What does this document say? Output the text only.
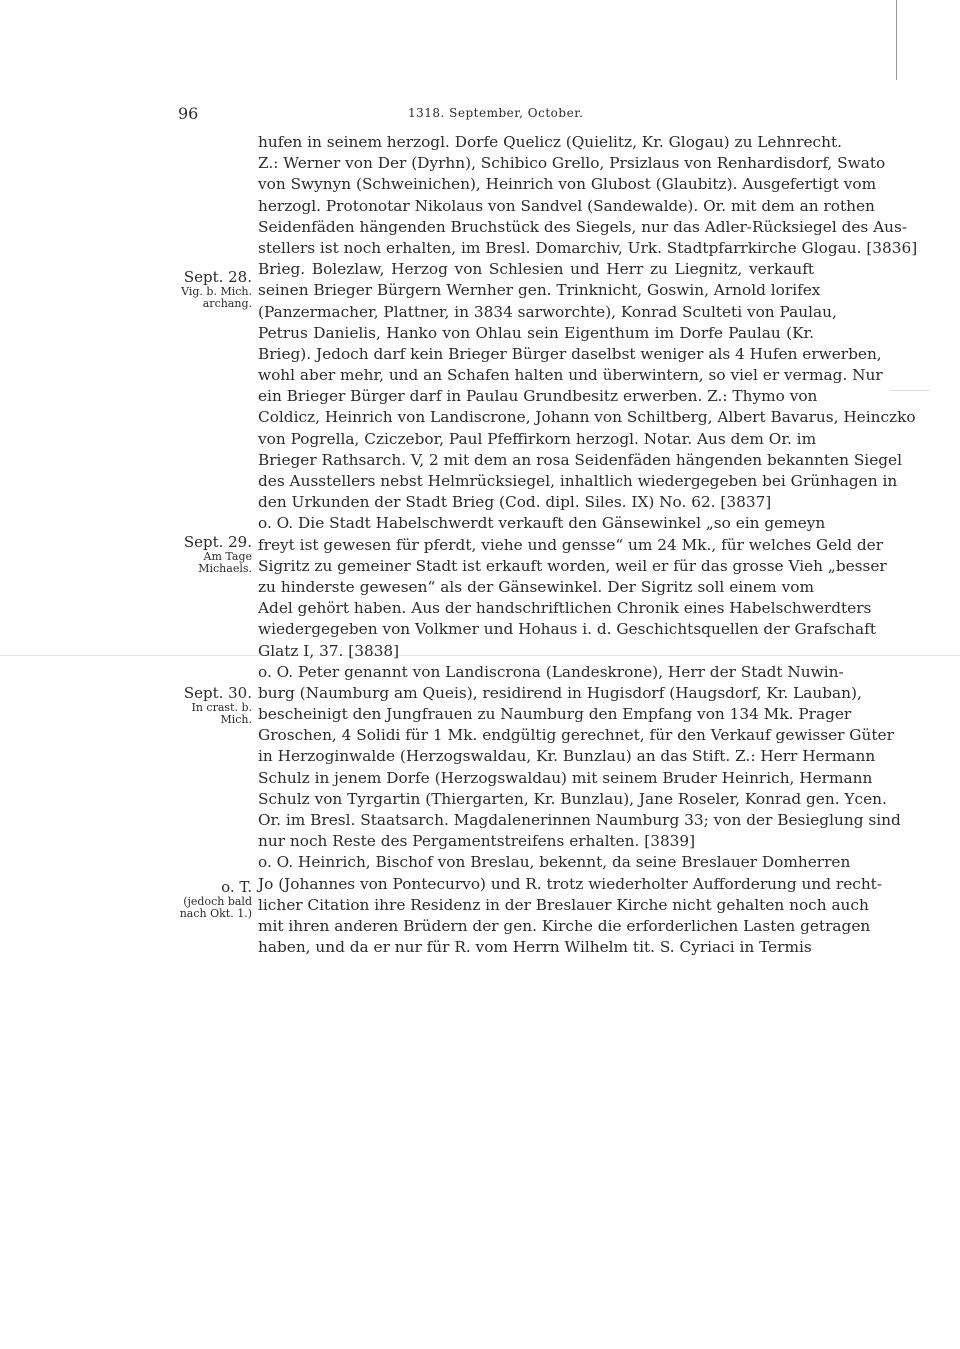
96	1318. September, October.
hufen in seinem herzogl. Dorfe Quelicz (Quielitz, Kr. Glogau) zu Lehnrecht.
Z.: Werner von Der (Dyrhn), Schibico Grello, Prsizlaus von Renhardisdorf, Swato
von Swynyn (Schweinichen), Heinrich von Glubost (Glaubitz). Ausgefertigt vom
herzogl. Protonotar Nikolaus von Sandvel (Sandewalde). Or. mit dem an rothen
Seidenfäden hängenden Bruchstück des Siegels, nur das Adler-Rücksiegel des Aus-
stellers ist noch erhalten, im Bresl. Domarchiv, Urk. Stadtpfarrkirche Glogau. [3836]
Brieg. Bolezlaw, Herzog von Schlesien und Herr zu Liegnitz, verkauft
seinen Brieger Bürgern Wernher gen. Trinknicht, Goswin, Arnold lorifex
(Panzermacher, Plattner, in 3834 sarworchte), Konrad Sculteti von Paulau,
Petrus Danielis, Hanko von Ohlau sein Eigenthum im Dorfe Paulau (Kr.
Brieg). Jedoch darf kein Brieger Bürger daselbst weniger als 4 Hufen erwerben,
wohl aber mehr, und an Schafen halten und überwintern, so viel er vermag. Nur
ein Brieger Bürger darf in Paulau Grundbesitz erwerben. Z.: Thymo von
Coldicz, Heinrich von Landiscrone, Johann von Schiltberg, Albert Bavarus, Heinczko
von Pogrella, Cziczebor, Paul Pfeffirkorn herzogl. Notar. Aus dem Or. im
Brieger Rathsarch. V, 2 mit dem an rosa Seidenfäden hängenden bekannten Siegel
des Ausstellers nebst Helmrücksiegel, inhaltlich wiedergegeben bei Grünhagen in
den Urkunden der Stadt Brieg (Cod. dipl. Siles. IX) No. 62. [3837]
o. O. Die Stadt Habelschwerdt verkauft den Gänsewinkel „so ein gemeyn
freyt ist gewesen für pferdt, viehe und gensse“ um 24 Mk., für welches Geld der
Sigritz zu gemeiner Stadt ist erkauft worden, weil er für das grosse Vieh „besser
zu hinderste gewesen“ als der Gänsewinkel. Der Sigritz soll einem vom
Adel gehört haben. Aus der handschriftlichen Chronik eines Habelschwerdters
wiedergegeben von Volkmer und Hohaus i. d. Geschichtsquellen der Grafschaft
Glatz I, 37. [3838]
o. O. Peter genannt von Landiscrona (Landeskrone), Herr der Stadt Nuwin-
burg (Naumburg am Queis), residirend in Hugisdorf (Haugsdorf, Kr. Lauban),
bescheinigt den Jungfrauen zu Naumburg den Empfang von 134 Mk. Prager
Groschen, 4 Solidi für 1 Mk. endgültig gerechnet, für den Verkauf gewisser Güter
in Herzoginwalde (Herzogswaldau, Kr. Bunzlau) an das Stift. Z.: Herr Hermann
Schulz in jenem Dorfe (Herzogswaldau) mit seinem Bruder Heinrich, Hermann
Schulz von Tyrgartin (Thiergarten, Kr. Bunzlau), Jane Roseler, Konrad gen. Ycen.
Or. im Bresl. Staatsarch. Magdalenerinnen Naumburg 33; von der Besieglung sind
nur noch Reste des Pergamentstreifens erhalten. [3839]
o. O. Heinrich, Bischof von Breslau, bekennt, da seine Breslauer Domherren
Jo (Johannes von Pontecurvo) und R. trotz wiederholter Aufforderung und recht-
licher Citation ihre Residenz in der Breslauer Kirche nicht gehalten noch auch
mit ihren anderen Brüdern der gen. Kirche die erforderlichen Lasten getragen
haben, und da er nur für R. vom Herrn Wilhelm tit. S. Cyriaci in Termis
Sept. 28.
Vig. b. Mich. archang.
Sept. 29.
Am Tage Michaels.
Sept. 30.
In crast. b. Mich.
o. T.
(jedoch bald nach Okt. 1.)
